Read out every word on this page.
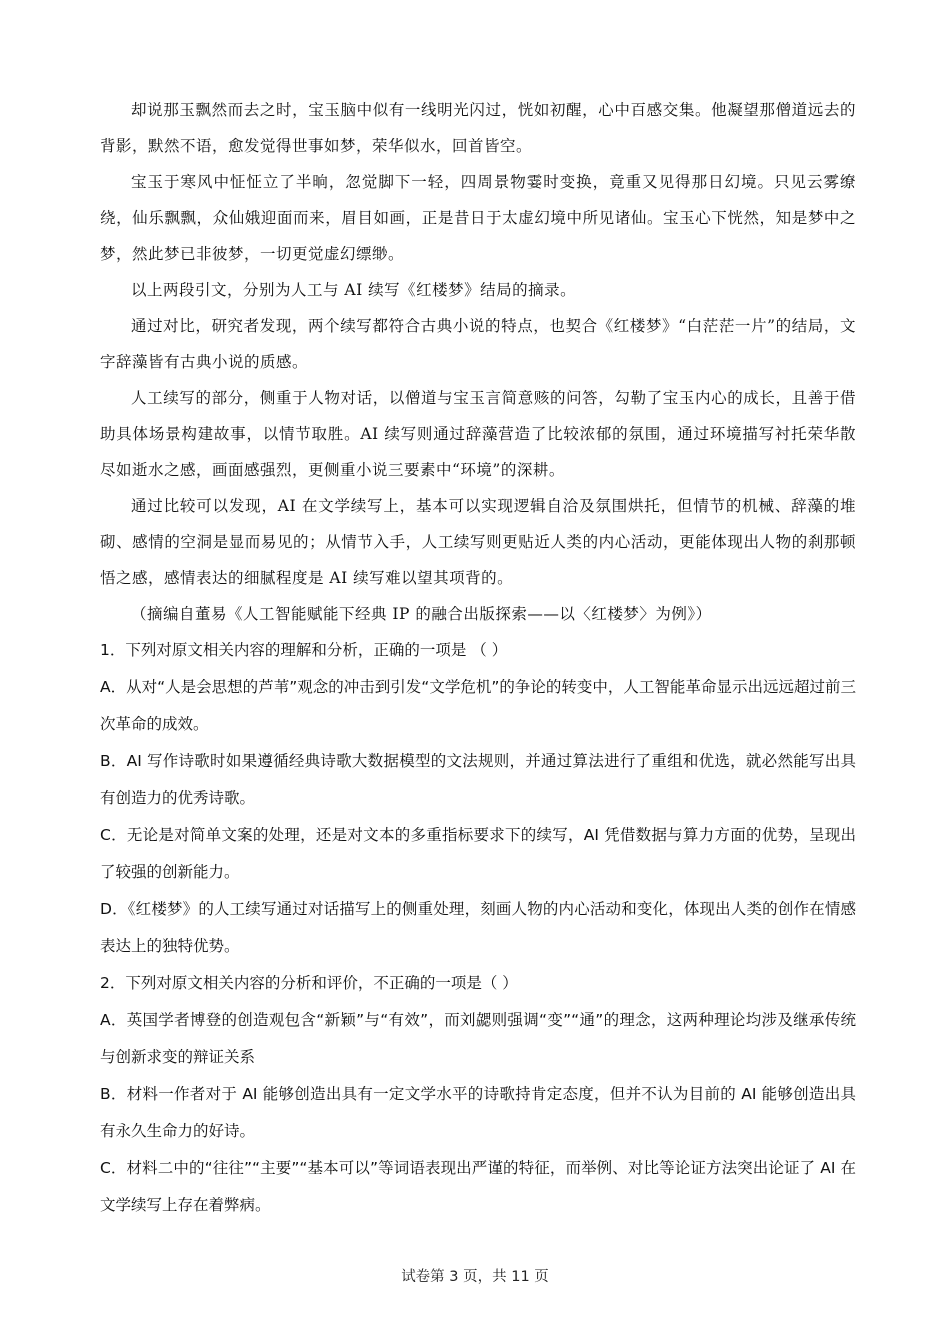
却说那玉飘然而去之时，宝玉脑中似有一线明光闪过，恍如初醒，心中百感交集。他凝望那僧道远去的背影，默然不语，愈发觉得世事如梦，荣华似水，回首皆空。

宝玉于寒风中怔怔立了半晌，忽觉脚下一轻，四周景物霎时变换，竟重又见得那日幻境。只见云雾缭绕，仙乐飘飘，众仙娥迎面而来，眉目如画，正是昔日于太虚幻境中所见诸仙。宝玉心下恍然，知是梦中之梦，然此梦已非彼梦，一切更觉虚幻缥缈。

以上两段引文，分别为人工与 AI 续写《红楼梦》结局的摘录。

通过对比，研究者发现，两个续写都符合古典小说的特点，也契合《红楼梦》“白茫茫一片”的结局，文字辞藻皆有古典小说的质感。

人工续写的部分，侧重于人物对话，以僧道与宝玉言简意赅的问答，勾勒了宝玉内心的成长，且善于借助具体场景构建故事，以情节取胜。AI 续写则通过辞藻营造了比较浓郁的氛围，通过环境描写衬托荣华散尽如逝水之感，画面感强烈，更侧重小说三要素中“环境”的深耕。

通过比较可以发现，AI 在文学续写上，基本可以实现逻辑自洽及氛围烘托，但情节的机械、辞藻的堆砌、感情的空洞是显而易见的；从情节入手，人工续写则更贴近人类的内心活动，更能体现出人物的刹那顿悟之感，感情表达的细腻程度是 AI 续写难以望其项背的。

（摘编自董易《人工智能赋能下经典 IP 的融合出版探索——以〈红楼梦〉为例》）

1．下列对原文相关内容的理解和分析，正确的一项是 （ ）

A．从对“人是会思想的芦苇”观念的冲击到引发“文学危机”的争论的转变中，人工智能革命显示出远远超过前三次革命的成效。

B．AI 写作诗歌时如果遵循经典诗歌大数据模型的文法规则，并通过算法进行了重组和优选，就必然能写出具有创造力的优秀诗歌。

C．无论是对简单文案的处理，还是对文本的多重指标要求下的续写，AI 凭借数据与算力方面的优势，呈现出了较强的创新能力。

D．《红楼梦》的人工续写通过对话描写上的侧重处理，刻画人物的内心活动和变化，体现出人类的创作在情感表达上的独特优势。

2．下列对原文相关内容的分析和评价，不正确的一项是（ ）

A．英国学者博登的创造观包含“新颖”与“有效”，而刘勰则强调“变”“通”的理念，这两种理论均涉及继承传统与创新求变的辩证关系

B．材料一作者对于 AI 能够创造出具有一定文学水平的诗歌持肯定态度，但并不认为目前的 AI 能够创造出具有永久生命力的好诗。

C．材料二中的“往往”“主要”“基本可以”等词语表现出严谨的特征，而举例、对比等论证方法突出论证了 AI 在文学续写上存在着弊病。

试卷第 3 页，共 11 页
